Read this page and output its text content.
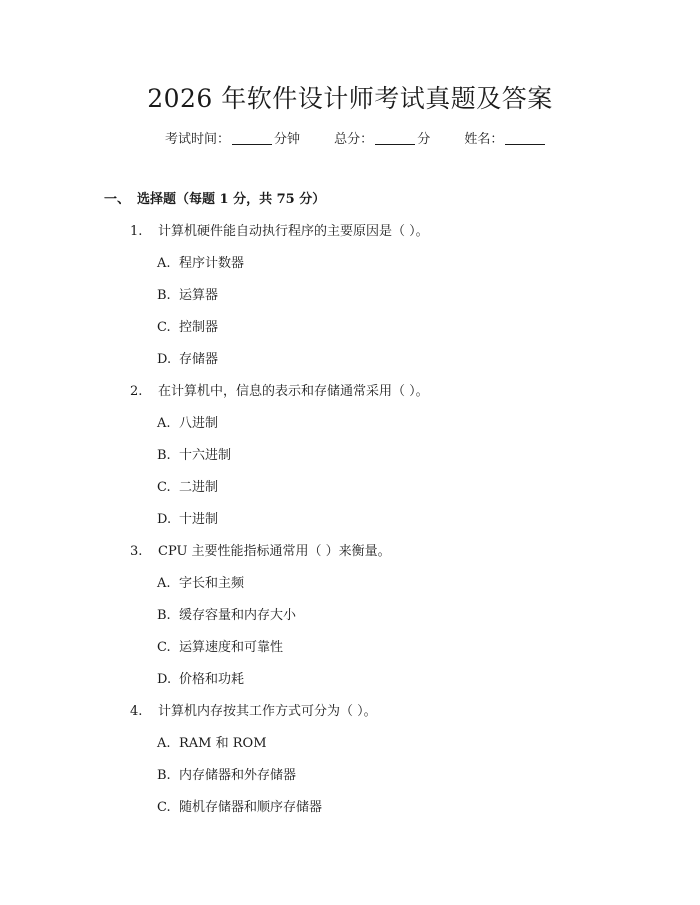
2026 年软件设计师考试真题及答案
考试时间：	分钟	总分：	分	姓名：
一、 选择题（每题 1 分，共 75 分）
1. 计算机硬件能自动执行程序的主要原因是（ ）。
A. 程序计数器
B. 运算器
C. 控制器
D. 存储器
2. 在计算机中，信息的表示和存储通常采用（ ）。
A. 八进制
B. 十六进制
C. 二进制
D. 十进制
3. CPU 主要性能指标通常用（ ）来衡量。
A. 字长和主频
B. 缓存容量和内存大小
C. 运算速度和可靠性
D. 价格和功耗
4. 计算机内存按其工作方式可分为（ ）。
A. RAM 和 ROM
B. 内存储器和外存储器
C. 随机存储器和顺序存储器
